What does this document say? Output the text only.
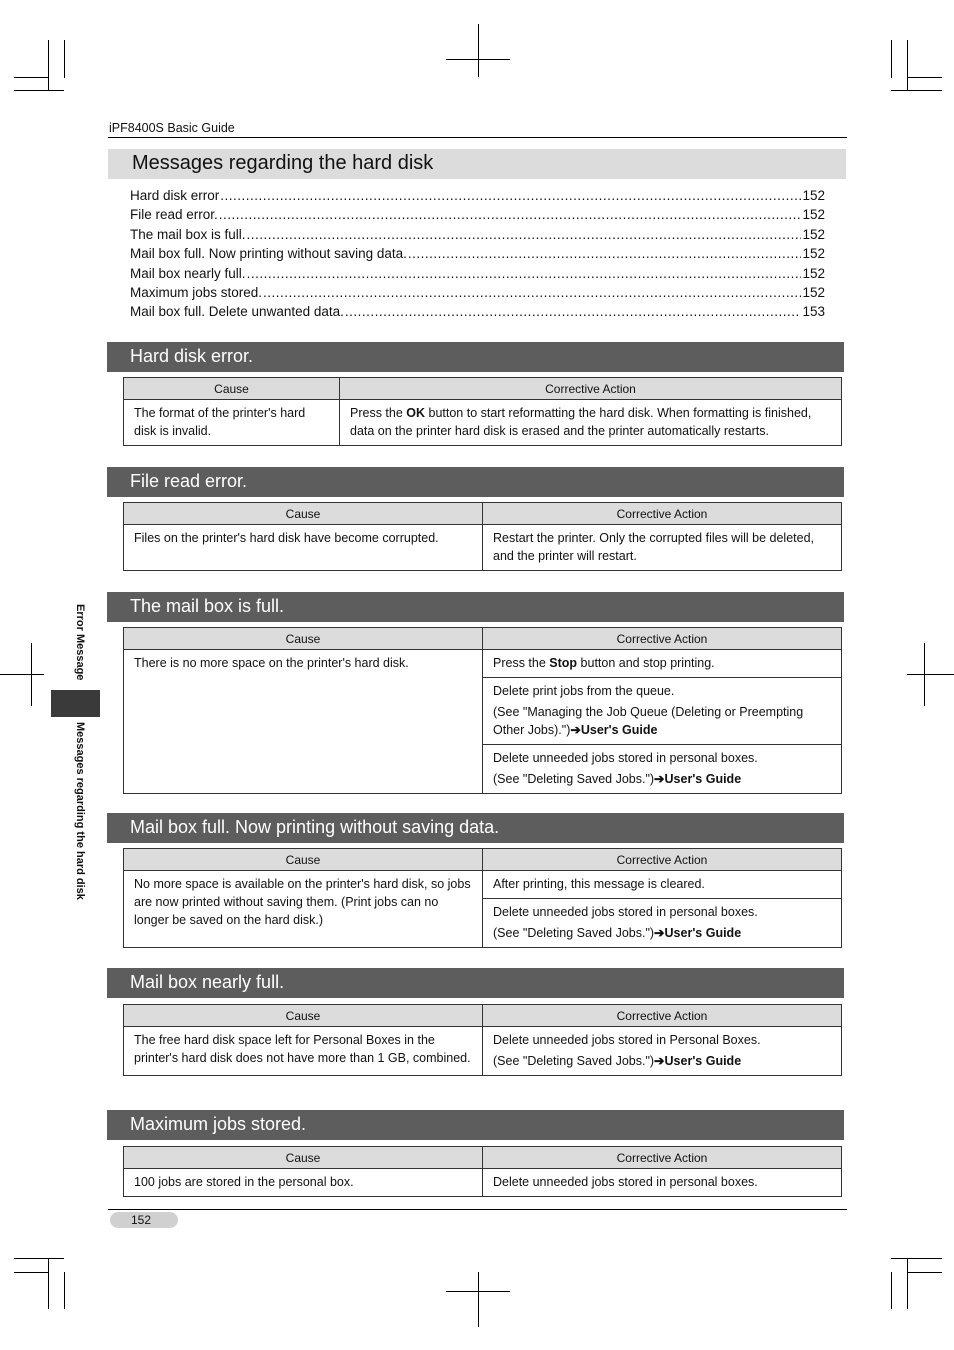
iPF8400S Basic Guide
Messages regarding the hard disk
Hard disk error .....	152
File read error. .....	152
The mail box is full. .....	152
Mail box full. Now printing without saving data. .....	152
Mail box nearly full. .....	152
Maximum jobs stored. .....	152
Mail box full. Delete unwanted data. .....	153
Hard disk error.
Cause	Corrective Action
The format of the printer's hard disk is invalid.	Press the OK button to start reformatting the hard disk. When formatting is finished, data on the printer hard disk is erased and the printer automatically restarts.
File read error.
Cause	Corrective Action
Files on the printer's hard disk have become corrupted.	Restart the printer. Only the corrupted files will be deleted, and the printer will restart.
The mail box is full.
Cause	Corrective Action
There is no more space on the printer's hard disk.	Press the Stop button and stop printing.
	Delete print jobs from the queue.
(See "Managing the Job Queue (Deleting or Preempting Other Jobs).")➔User's Guide

	Delete unneeded jobs stored in personal boxes.
(See "Deleting Saved Jobs.")➔User's Guide
Mail box full. Now printing without saving data.
Cause	Corrective Action
No more space is available on the printer's hard disk, so jobs are now printed without saving them. (Print jobs can no longer be saved on the hard disk.)	After printing, this message is cleared.
	Delete unneeded jobs stored in personal boxes.
(See "Deleting Saved Jobs.")➔User's Guide
Mail box nearly full.
Cause	Corrective Action
The free hard disk space left for Personal Boxes in the printer's hard disk does not have more than 1 GB, combined.	Delete unneeded jobs stored in Personal Boxes.
(See "Deleting Saved Jobs.")➔User's Guide
Maximum jobs stored.
Cause	Corrective Action
100 jobs are stored in the personal box.	Delete unneeded jobs stored in personal boxes.
Error Message
Messages regarding the hard disk
152
